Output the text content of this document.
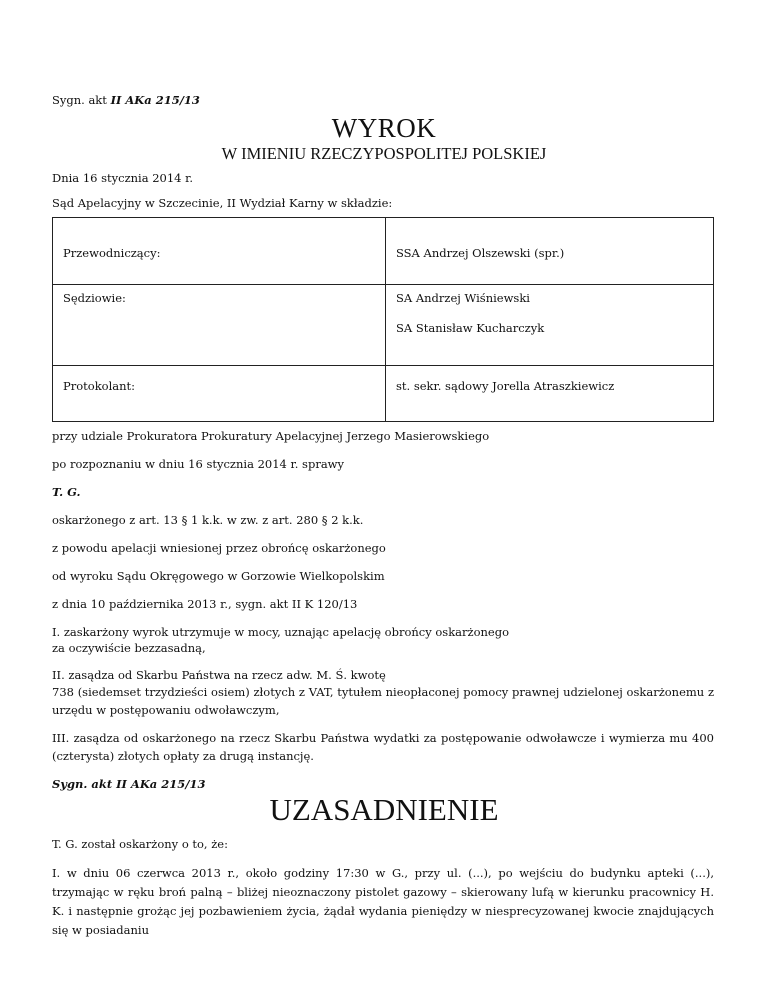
Sygn. akt II AKa 215/13

WYROK
W IMIENIU RZECZYPOSPOLITEJ POLSKIEJ

Dnia 16 stycznia 2014 r.

Sąd Apelacyjny w Szczecinie, II Wydział Karny w składzie:

Przewodniczący:	SSA Andrzej Olszewski (spr.)

Sędziowie:	SA Andrzej Wiśniewski
SA Stanisław Kucharczyk

Protokolant:	st. sekr. sądowy Jorella Atraszkiewicz

przy udziale Prokuratora Prokuratury Apelacyjnej Jerzego Masierowskiego

po rozpoznaniu w dniu 16 stycznia 2014 r. sprawy

T. G.

oskarżonego z art. 13 § 1 k.k. w zw. z art. 280 § 2 k.k.

z powodu apelacji wniesionej przez obrońcę oskarżonego

od wyroku Sądu Okręgowego w Gorzowie Wielkopolskim

z dnia 10 października 2013 r., sygn. akt II K 120/13

I. zaskarżony wyrok utrzymuje w mocy, uznając apelację obrońcy oskarżonego
za oczywiście bezzasadną,
II. zasądza od Skarbu Państwa na rzecz adw. M. Ś. kwotę
738 (siedemset trzydzieści osiem) złotych z VAT, tytułem nieopłaconej pomocy prawnej udzielonej oskarżonemu z urzędu w postępowaniu odwoławczym,
III. zasądza od oskarżonego na rzecz Skarbu Państwa wydatki za postępowanie odwoławcze i wymierza mu 400 (czterysta) złotych opłaty za drugą instancję.

Sygn. akt II AKa 215/13

UZASADNIENIE

T. G. został oskarżony o to, że:

I. w dniu 06 czerwca 2013 r., około godziny 17:30 w G., przy ul. (...), po wejściu do budynku apteki (...), trzymając w ręku broń palną – bliżej nieoznaczony pistolet gazowy – skierowany lufą w kierunku pracownicy H. K. i następnie grożąc jej pozbawieniem życia, żądał wydania pieniędzy w niesprecyzowanej kwocie znajdujących się w posiadaniu
